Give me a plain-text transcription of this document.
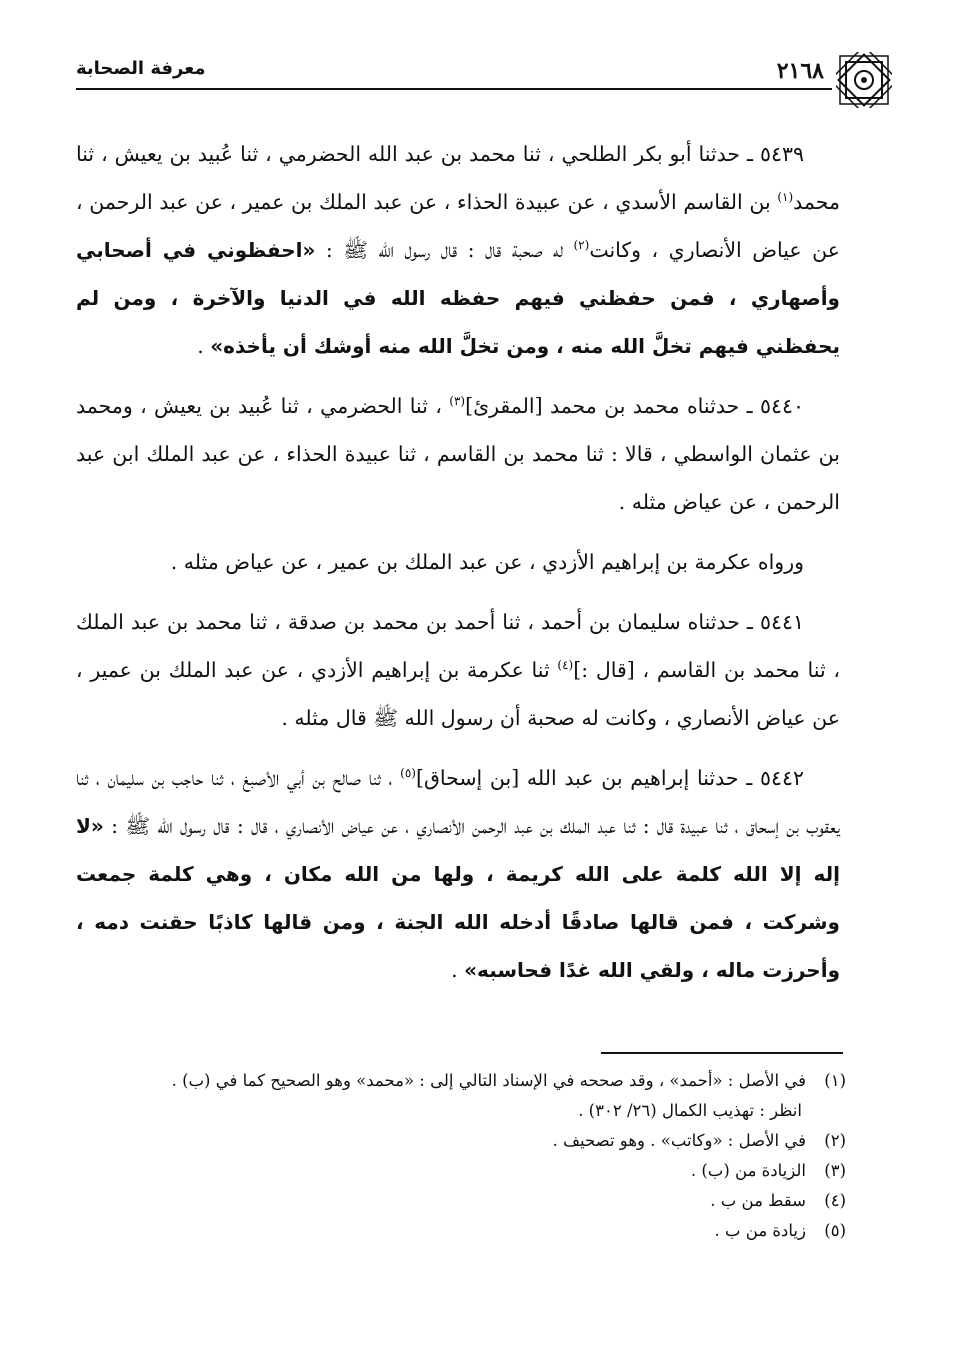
٢١٦٨
معرفة الصحابة

٥٤٣٩ ـ حدثنا أبو بكر الطلحي ، ثنا محمد بن عبد الله الحضرمي ، ثنا عُبيد بن يعيش ، ثنا محمد$^{(١)}$ بن القاسم الأسدي ، عن عبيدة الحذاء ، عن عبد الملك بن عمير ، عن عبد الرحمن ، عن عياض الأنصاري ، وكانت$^{(٢)}$ له صحبة قال : قال رسول الله ﷺ : «احفظوني في أصحابي وأصهاري ، فمن حفظني فيهم حفظه الله في الدنيا والآخرة ، ومن لم يحفظني فيهم تخلَّ الله منه ، ومن تخلَّ الله منه أوشك أن يأخذه» .

٥٤٤٠ ـ حدثناه محمد بن محمد [المقرئ]$^{(٣)}$ ، ثنا الحضرمي ، ثنا عُبيد بن يعيش ، ومحمد بن عثمان الواسطي ، قالا : ثنا محمد بن القاسم ، ثنا عبيدة الحذاء ، عن عبد الملك ابن عبد الرحمن ، عن عياض مثله .

ورواه عكرمة بن إبراهيم الأزدي ، عن عبد الملك بن عمير ، عن عياض مثله .

٥٤٤١ ـ حدثناه سليمان بن أحمد ، ثنا أحمد بن محمد بن صدقة ، ثنا محمد بن عبد الملك ، ثنا محمد بن القاسم ، [قال :]$^{(٤)}$ ثنا عكرمة بن إبراهيم الأزدي ، عن عبد الملك بن عمير ، عن عياض الأنصاري ، وكانت له صحبة أن رسول الله ﷺ قال مثله .

٥٤٤٢ ـ حدثنا إبراهيم بن عبد الله [بن إسحاق]$^{(٥)}$ ، ثنا صالح بن أبي الأصبغ ، ثنا حاجب بن سليمان ، ثنا يعقوب بن إسحاق ، ثنا عبيدة قال : ثنا عبد الملك بن عبد الرحمن الأنصاري ، عن عياض الأنصاري ، قال : قال رسول الله ﷺ : «لا إله إلا الله كلمة على الله كريمة ، ولها من الله مكان ، وهي كلمة جمعت وشركت ، فمن قالها صادقًا أدخله الله الجنة ، ومن قالها كاذبًا حقنت دمه ، وأحرزت ماله ، ولقي الله غدًا فحاسبه» .

(١)في الأصل : «أحمد» ، وقد صححه في الإسناد التالي إلى : «محمد» وهو الصحيح كما في (ب) .

انظر : تهذيب الكمال (٢٦/ ٣٠٢) .

(٢)في الأصل : «وكاتب» . وهو تصحيف .

(٣)الزيادة من (ب) .

(٤)سقط من ب .

(٥)زيادة من ب .
